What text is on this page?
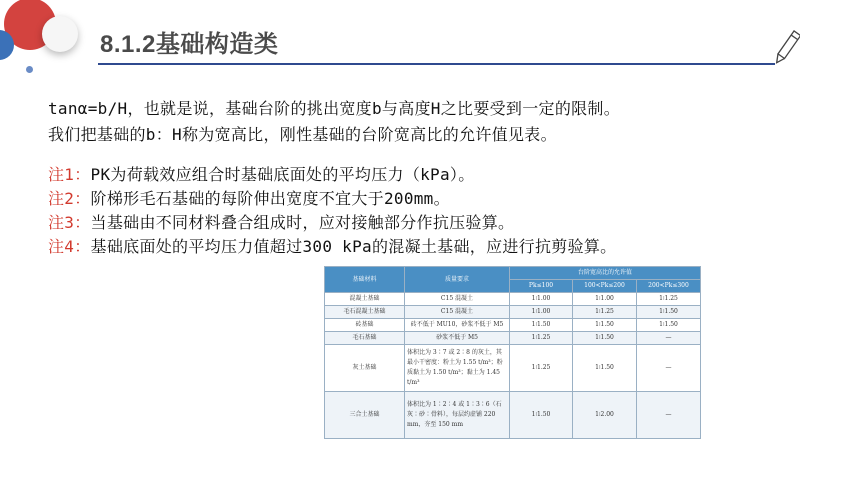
8.1.2基础构造类

tanα=b/H，也就是说，基础台阶的挑出宽度b与高度H之比要受到一定的限制。

我们把基础的b：H称为宽高比，刚性基础的台阶宽高比的允许值见表。

注1：PK为荷载效应组合时基础底面处的平均压力（kPa）。

注2：阶梯形毛石基础的每阶伸出宽度不宜大于200mm。

注3：当基础由不同材料叠合组成时，应对接触部分作抗压验算。

注4：基础底面处的平均压力值超过300 kPa的混凝土基础，应进行抗剪验算。

基础材料	质量要求	台阶宽高比的允许值		
		Pk≤100	100<Pk≤200	200<Pk≤300
混凝土基础	C15 混凝土	1∶1.00	1∶1.00	1∶1.25
毛石混凝土基础	C15 混凝土	1∶1.00	1∶1.25	1∶1.50
砖基础	砖不低于 MU10，砂浆不低于 M5	1∶1.50	1∶1.50	1∶1.50
毛石基础	砂浆不低于 M5	1∶1.25	1∶1.50	—
灰土基础	体积比为 3∶7 或 2∶8 的灰土，其最小干密度：粉土为 1.55 t/m³；粉质黏土为 1.50 t/m³；黏土为 1.45 t/m³	1∶1.25	1∶1.50	—
三合土基础	体积比为 1∶2∶4 或 1∶3∶6（石灰∶砂∶骨料），每层约虚铺 220 mm，夯至 150 mm	1∶1.50	1∶2.00	—
